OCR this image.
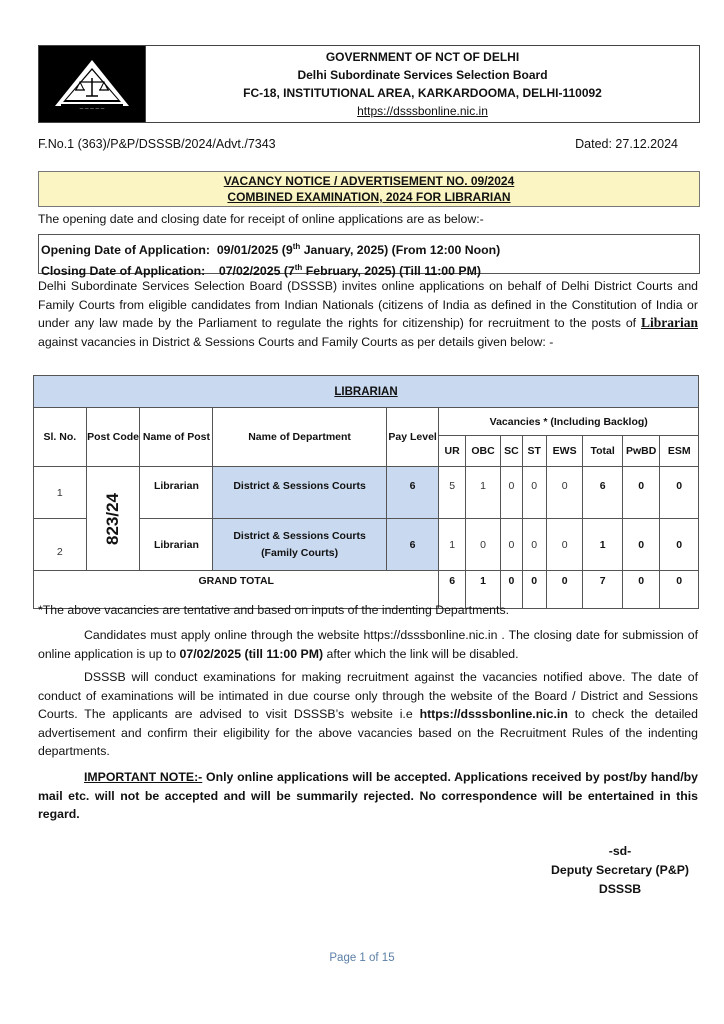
— — — — —
GOVERNMENT OF NCT OF DELHI
Delhi Subordinate Services Selection Board
FC-18, INSTITUTIONAL AREA, KARKARDOOMA, DELHI-110092
https://dsssbonline.nic.in
F.No.1 (363)/P&P/DSSSB/2024/Advt./7343	Dated: 27.12.2024
VACANCY NOTICE / ADVERTISEMENT NO. 09/2024
COMBINED EXAMINATION, 2024 FOR LIBRARIAN
The opening date and closing date for receipt of online applications are as below:-
Opening Date of Application: 09/01/2025 (9th January, 2025) (From 12:00 Noon)
Closing Date of Application: 07/02/2025 (7th February, 2025) (Till 11:00 PM)
Delhi Subordinate Services Selection Board (DSSSB) invites online applications on behalf of Delhi District Courts and Family Courts from eligible candidates from Indian Nationals (citizens of India as defined in the Constitution of India or under any law made by the Parliament to regulate the rights for citizenship) for recruitment to the posts of Librarian against vacancies in District & Sessions Courts and Family Courts as per details given below: -
LIBRARIAN												
Sl. No.	Post Code	Name of Post	Name of Department	Pay Level	Vacancies * (Including Backlog)							
					UR	OBC	SC	ST	EWS	Total	PwBD	ESM
1	823/24	Librarian	District & Sessions Courts	6	5	1	0	0	0	6	0	0
2		Librarian	District & Sessions Courts
(Family Courts)	6	1	0	0	0	0	1	0	0
GRAND TOTAL					6	1	0	0	0	7	0	0
*The above vacancies are tentative and based on inputs of the indenting Departments.
Candidates must apply online through the website https://dsssbonline.nic.in . The closing date for submission of online application is up to 07/02/2025 (till 11:00 PM) after which the link will be disabled.
DSSSB will conduct examinations for making recruitment against the vacancies notified above. The date of conduct of examinations will be intimated in due course only through the website of the Board / District and Sessions Courts. The applicants are advised to visit DSSSB’s website i.e https://dsssbonline.nic.in to check the detailed advertisement and confirm their eligibility for the above vacancies based on the Recruitment Rules of the indenting departments.
IMPORTANT NOTE:- Only online applications will be accepted. Applications received by post/by hand/by mail etc. will not be accepted and will be summarily rejected. No correspondence will be entertained in this regard.
-sd-
Deputy Secretary (P&P)
DSSSB
Page 1 of 15
